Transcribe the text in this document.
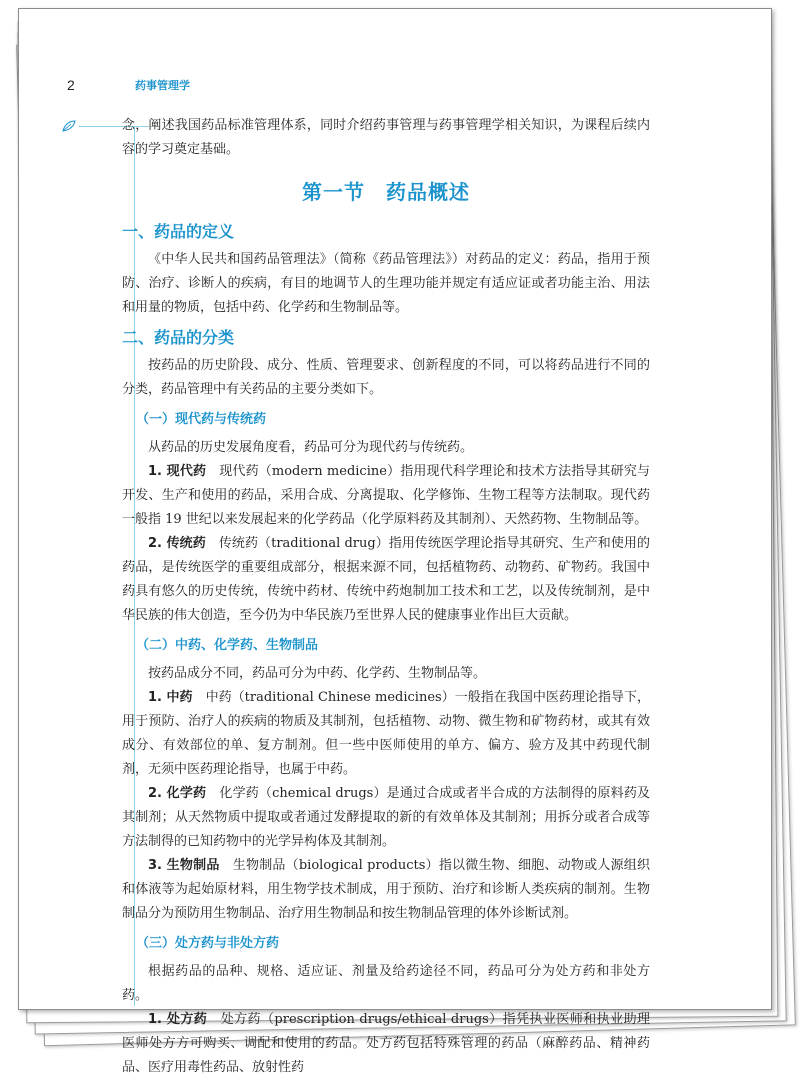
2	药事管理学

念，阐述我国药品标准管理体系，同时介绍药事管理与药事管理学相关知识，为课程后续内容的学习奠定基础。

第一节　药品概述
一、药品的定义

《中华人民共和国药品管理法》（简称《药品管理法》）对药品的定义：药品，指用于预防、治疗、诊断人的疾病，有目的地调节人的生理功能并规定有适应证或者功能主治、用法和用量的物质，包括中药、化学药和生物制品等。

二、药品的分类

按药品的历史阶段、成分、性质、管理要求、创新程度的不同，可以将药品进行不同的分类，药品管理中有关药品的主要分类如下。

（一）现代药与传统药

从药品的历史发展角度看，药品可分为现代药与传统药。

1. 现代药　 现代药（modern medicine）指用现代科学理论和技术方法指导其研究与开发、生产和使用的药品，采用合成、分离提取、化学修饰、生物工程等方法制取。现代药一般指 19 世纪以来发展起来的化学药品（化学原料药及其制剂）、天然药物、生物制品等。

2. 传统药　 传统药（traditional drug）指用传统医学理论指导其研究、生产和使用的药品，是传统医学的重要组成部分，根据来源不同，包括植物药、动物药、矿物药。我国中药具有悠久的历史传统，传统中药材、传统中药炮制加工技术和工艺，以及传统制剂，是中华民族的伟大创造，至今仍为中华民族乃至世界人民的健康事业作出巨大贡献。

（二）中药、化学药、生物制品

按药品成分不同，药品可分为中药、化学药、生物制品等。

1. 中药　 中药（traditional Chinese medicines）一般指在我国中医药理论指导下，用于预防、治疗人的疾病的物质及其制剂，包括植物、动物、微生物和矿物药材，或其有效成分、有效部位的单、复方制剂。但一些中医师使用的单方、偏方、验方及其中药现代制剂，无须中医药理论指导，也属于中药。

2. 化学药　 化学药（chemical drugs）是通过合成或者半合成的方法制得的原料药及其制剂；从天然物质中提取或者通过发酵提取的新的有效单体及其制剂；用拆分或者合成等方法制得的已知药物中的光学异构体及其制剂。

3. 生物制品　 生物制品（biological products）指以微生物、细胞、动物或人源组织和体液等为起始原材料，用生物学技术制成，用于预防、治疗和诊断人类疾病的制剂。生物制品分为预防用生物制品、治疗用生物制品和按生物制品管理的体外诊断试剂。

（三）处方药与非处方药

根据药品的品种、规格、适应证、剂量及给药途径不同，药品可分为处方药和非处方药。

1. 处方药　 处方药（prescription drugs/ethical drugs）指凭执业医师和执业助理医师处方方可购买、调配和使用的药品。处方药包括特殊管理的药品（麻醉药品、精神药品、医疗用毒性药品、放射性药
